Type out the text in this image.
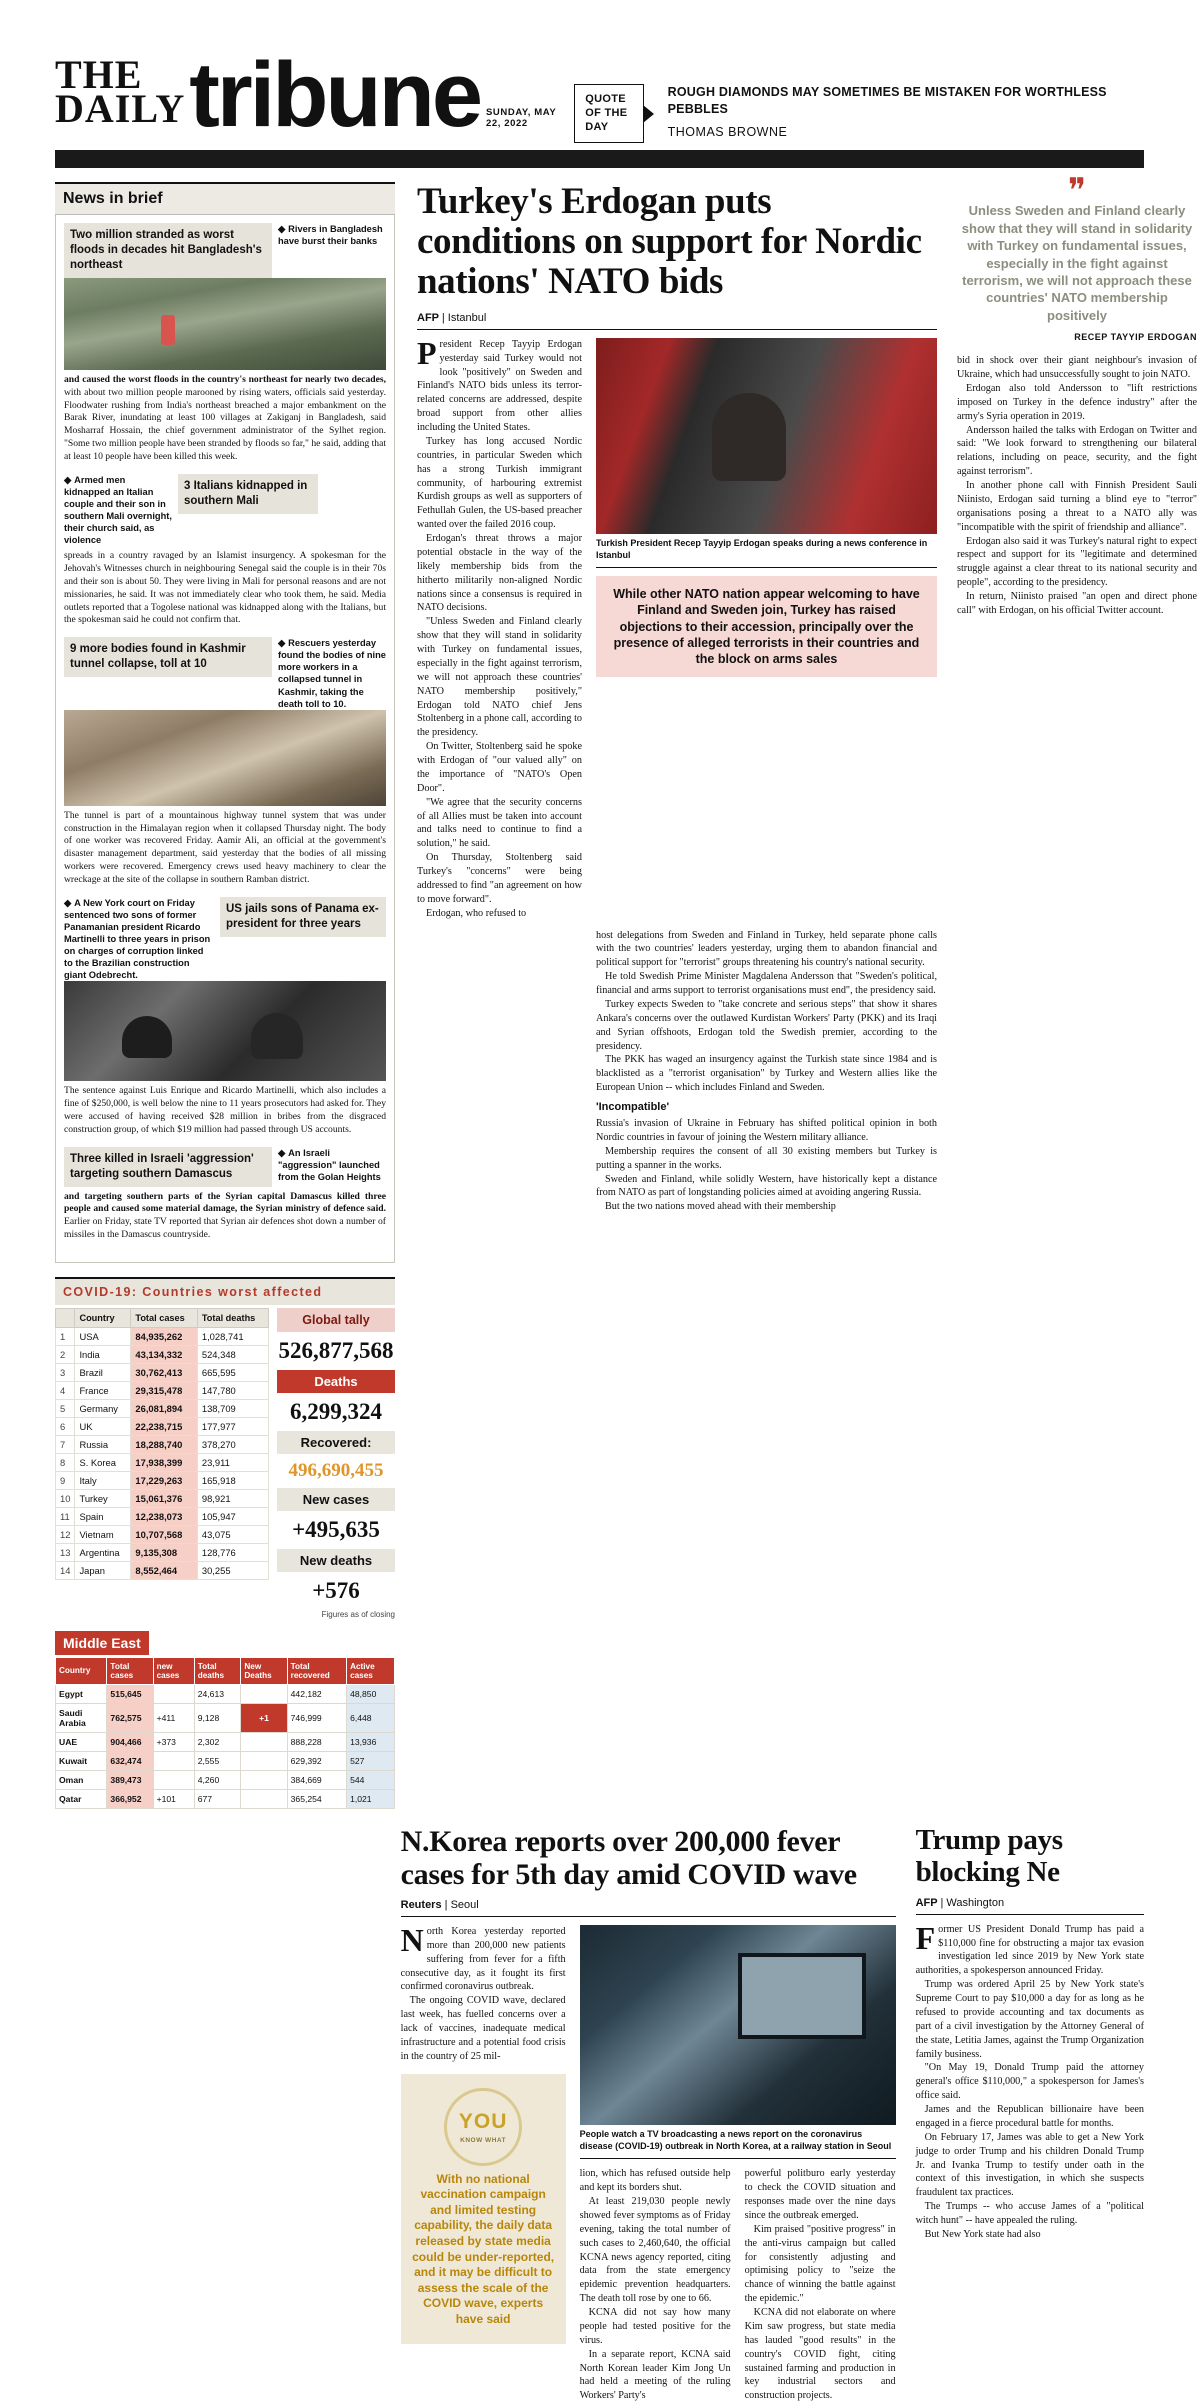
THE
DAILY tribune SUNDAY, MAY 22, 2022
QUOTE OF THE DAY
ROUGH DIAMONDS MAY SOMETIMES BE MISTAKEN FOR WORTHLESS PEBBLES
THOMAS BROWNE
News in brief
Two million stranded as worst floods in decades hit Bangladesh's northeast
◆ Rivers in Bangladesh have burst their banks
and caused the worst floods in the country's northeast for nearly two decades, with about two million people marooned by rising waters, officials said yesterday. Floodwater rushing from India's northeast breached a major embankment on the Barak River, inundating at least 100 villages at Zakiganj in Bangladesh, said Mosharraf Hossain, the chief government administrator of the Sylhet region. "Some two million people have been stranded by floods so far," he said, adding that at least 10 people have been killed this week.
◆ Armed men kidnapped an Italian couple and their son in southern Mali overnight, their church said, as violence
3 Italians kidnapped in southern Mali
spreads in a country ravaged by an Islamist insurgency. A spokesman for the Jehovah's Witnesses church in neighbouring Senegal said the couple is in their 70s and their son is about 50. They were living in Mali for personal reasons and are not missionaries, he said. It was not immediately clear who took them, he said. Media outlets reported that a Togolese national was kidnapped along with the Italians, but the spokesman said he could not confirm that.
9 more bodies found in Kashmir tunnel collapse, toll at 10
◆ Rescuers yesterday found the bodies of nine more workers in a collapsed tunnel in Kashmir, taking the death toll to 10.
The tunnel is part of a mountainous highway tunnel system that was under construction in the Himalayan region when it collapsed Thursday night. The body of one worker was recovered Friday. Aamir Ali, an official at the government's disaster management department, said yesterday that the bodies of all missing workers were recovered. Emergency crews used heavy machinery to clear the wreckage at the site of the collapse in southern Ramban district.
◆ A New York court on Friday sentenced two sons of former Panamanian president Ricardo Martinelli to three years in prison on charges of corruption linked to the Brazilian construction giant Odebrecht.
US jails sons of Panama ex-president for three years
The sentence against Luis Enrique and Ricardo Martinelli, which also includes a fine of $250,000, is well below the nine to 11 years prosecutors had asked for. They were accused of having received $28 million in bribes from the disgraced construction group, of which $19 million had passed through US accounts.
Three killed in Israeli 'aggression' targeting southern Damascus
◆ An Israeli "aggression" launched from the Golan Heights
and targeting southern parts of the Syrian capital Damascus killed three people and caused some material damage, the Syrian ministry of defence said. Earlier on Friday, state TV reported that Syrian air defences shot down a number of missiles in the Damascus countryside.
COVID-19: Countries worst affected
	Country	Total cases	Total deaths
1	USA	84,935,262	1,028,741
2	India	43,134,332	524,348
3	Brazil	30,762,413	665,595
4	France	29,315,478	147,780
5	Germany	26,081,894	138,709
6	UK	22,238,715	177,977
7	Russia	18,288,740	378,270
8	S. Korea	17,938,399	23,911
9	Italy	17,229,263	165,918
10	Turkey	15,061,376	98,921
11	Spain	12,238,073	105,947
12	Vietnam	10,707,568	43,075
13	Argentina	9,135,308	128,776
14	Japan	8,552,464	30,255
Global tally
526,877,568
Deaths
6,299,324
Recovered:
496,690,455
New cases
+495,635
New deaths
+576
Figures as of closing
Middle East
Country	Total cases	new cases	Total deaths	New Deaths	Total recovered	Active cases
Egypt	515,645		24,613		442,182	48,850
Saudi Arabia	762,575	+411	9,128	+1	746,999	6,448
UAE	904,466	+373	2,302		888,228	13,936
Kuwait	632,474		2,555		629,392	527
Oman	389,473		4,260		384,669	544
Qatar	366,952	+101	677		365,254	1,021
Turkey's Erdogan puts conditions on support for Nordic nations' NATO bids
AFP | Istanbul

President Recep Tayyip Erdogan yesterday said Turkey would not look "positively" on Sweden and Finland's NATO bids unless its terror-related concerns are addressed, despite broad support from other allies including the United States.

Turkey has long accused Nordic countries, in particular Sweden which has a strong Turkish immigrant community, of harbouring extremist Kurdish groups as well as supporters of Fethullah Gulen, the US-based preacher wanted over the failed 2016 coup.

Erdogan's threat throws a major potential obstacle in the way of the likely membership bids from the hitherto militarily non-aligned Nordic nations since a consensus is required in NATO decisions.

"Unless Sweden and Finland clearly show that they will stand in solidarity with Turkey on fundamental issues, especially in the fight against terrorism, we will not approach these countries' NATO membership positively," Erdogan told NATO chief Jens Stoltenberg in a phone call, according to the presidency.

On Twitter, Stoltenberg said he spoke with Erdogan of "our valued ally" on the importance of "NATO's Open Door".

"We agree that the security concerns of all Allies must be taken into account and talks need to continue to find a solution," he said.

On Thursday, Stoltenberg said Turkey's "concerns" were being addressed to find "an agreement on how to move forward".

Erdogan, who refused to

Turkish President Recep Tayyip Erdogan speaks during a news conference in Istanbul
While other NATO nation appear welcoming to have Finland and Sweden join, Turkey has raised objections to their accession, principally over the presence of alleged terrorists in their countries and the block on arms sales

host delegations from Sweden and Finland in Turkey, held separate phone calls with the two countries' leaders yesterday, urging them to abandon financial and political support for "terrorist" groups threatening his country's national security.

He told Swedish Prime Minister Magdalena Andersson that "Sweden's political, financial and arms support to terrorist organisations must end", the presidency said.

Turkey expects Sweden to "take concrete and serious steps" that show it shares Ankara's concerns over the outlawed Kurdistan Workers' Party (PKK) and its Iraqi and Syrian offshoots, Erdogan told the Swedish premier, according to the presidency.

The PKK has waged an insurgency against the Turkish state since 1984 and is blacklisted as a "terrorist organisation" by Turkey and Western allies like the European Union -- which includes Finland and Sweden.

'Incompatible'

Russia's invasion of Ukraine in February has shifted political opinion in both Nordic countries in favour of joining the Western military alliance.

Membership requires the consent of all 30 existing members but Turkey is putting a spanner in the works.

Sweden and Finland, while solidly Western, have historically kept a distance from NATO as part of longstanding policies aimed at avoiding angering Russia.

But the two nations moved ahead with their membership

❞
Unless Sweden and Finland clearly show that they will stand in solidarity with Turkey on fundamental issues, especially in the fight against terrorism, we will not approach these countries' NATO membership positively
RECEP TAYYIP ERDOGAN

bid in shock over their giant neighbour's invasion of Ukraine, which had unsuccessfully sought to join NATO.

Erdogan also told Andersson to "lift restrictions imposed on Turkey in the defence industry" after the army's Syria operation in 2019.

Andersson hailed the talks with Erdogan on Twitter and said: "We look forward to strengthening our bilateral relations, including on peace, security, and the fight against terrorism".

In another phone call with Finnish President Sauli Niinisto, Erdogan said turning a blind eye to "terror" organisations posing a threat to a NATO ally was "incompatible with the spirit of friendship and alliance".

Erdogan also said it was Turkey's natural right to expect respect and support for its "legitimate and determined struggle against a clear threat to its national security and people", according to the presidency.

In return, Niinisto praised "an open and direct phone call" with Erdogan, on his official Twitter account.

N.Korea reports over 200,000 fever cases for 5th day amid COVID wave
Reuters | Seoul

North Korea yesterday reported more than 200,000 new patients suffering from fever for a fifth consecutive day, as it fought its first confirmed coronavirus outbreak.

The ongoing COVID wave, declared last week, has fuelled concerns over a lack of vaccines, inadequate medical infrastructure and a potential food crisis in the country of 25 mil-

YOU
KNOW WHAT
With no national vaccination campaign and limited testing capability, the daily data released by state media could be under-reported, and it may be difficult to assess the scale of the COVID wave, experts have said
People watch a TV broadcasting a news report on the coronavirus disease (COVID-19) outbreak in North Korea, at a railway station in Seoul

lion, which has refused outside help and kept its borders shut.

At least 219,030 people newly showed fever symptoms as of Friday evening, taking the total number of such cases to 2,460,640, the official KCNA news agency reported, citing data from the state emergency epidemic prevention headquarters. The death toll rose by one to 66.

KCNA did not say how many people had tested positive for the virus.

In a separate report, KCNA said North Korean leader Kim Jong Un had held a meeting of the ruling Workers' Party's

powerful politburo early yesterday to check the COVID situation and responses made over the nine days since the outbreak emerged.

Kim praised "positive progress" in the anti-virus campaign but called for consistently adjusting and optimising policy to "seize the chance of winning the battle against the epidemic."

KCNA did not elaborate on where Kim saw progress, but state media has lauded "good results" in the country's COVID fight, citing sustained farming and production in key industrial sectors and construction projects.

Trump pays blocking Ne
AFP | Washington

Former US President Donald Trump has paid a $110,000 fine for obstructing a major tax evasion investigation led since 2019 by New York state authorities, a spokesperson announced Friday.

Trump was ordered April 25 by New York state's Supreme Court to pay $10,000 a day for as long as he refused to provide accounting and tax documents as part of a civil investigation by the Attorney General of the state, Letitia James, against the Trump Organization family business.

"On May 19, Donald Trump paid the attorney general's office $110,000," a spokesperson for James's office said.

James and the Republican billionaire have been engaged in a fierce procedural battle for months.

On February 17, James was able to get a New York judge to order Trump and his children Donald Trump Jr. and Ivanka Trump to testify under oath in the context of this investigation, in which she suspects fraudulent tax practices.

The Trumps -- who accuse James of a "political witch hunt" -- have appealed the ruling.

But New York state had also
